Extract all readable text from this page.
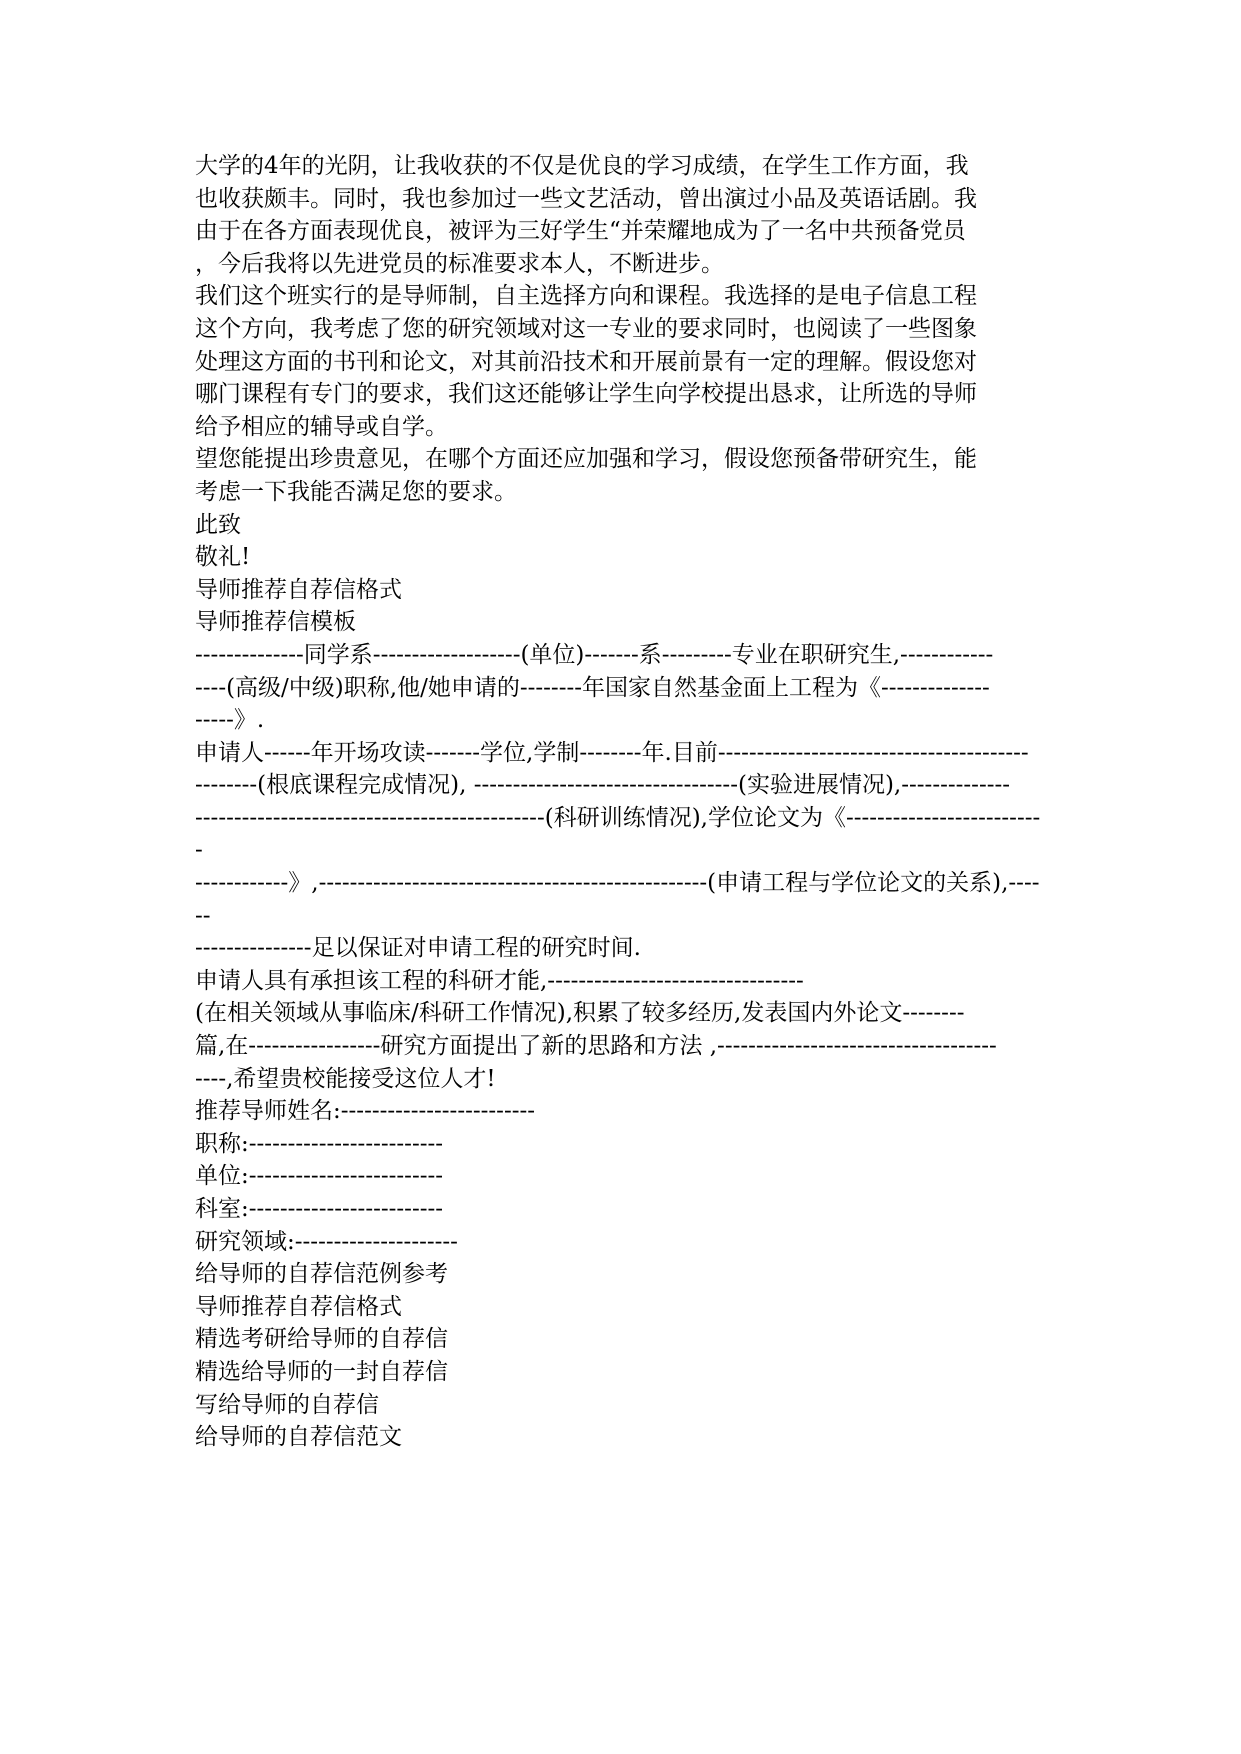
大学的4年的光阴，让我收获的不仅是优良的学习成绩，在学生工作方面，我
也收获颇丰。同时，我也参加过一些文艺活动，曾出演过小品及英语话剧。我
由于在各方面表现优良，被评为三好学生“并荣耀地成为了一名中共预备党员
，今后我将以先进党员的标准要求本人，不断进步。
我们这个班实行的是导师制，自主选择方向和课程。我选择的是电子信息工程
这个方向，我考虑了您的研究领域对这一专业的要求同时，也阅读了一些图象
处理这方面的书刊和论文，对其前沿技术和开展前景有一定的理解。假设您对
哪门课程有专门的要求，我们这还能够让学生向学校提出恳求，让所选的导师
给予相应的辅导或自学。
望您能提出珍贵意见，在哪个方面还应加强和学习，假设您预备带研究生，能
考虑一下我能否满足您的要求。
此致
敬礼!
导师推荐自荐信格式
导师推荐信模板
--------------同学系-------------------(单位)-------系---------专业在职研究生,------------
----(高级/中级)职称,他/她申请的--------年国家自然基金面上工程为《--------------
-----》.
申请人------年开场攻读-------学位,学制--------年.目前----------------------------------------
--------(根底课程完成情况), ----------------------------------(实验进展情况),--------------
---------------------------------------------(科研训练情况),学位论文为《--------------------------
------------》,--------------------------------------------------(申请工程与学位论文的关系),------
---------------足以保证对申请工程的研究时间.
申请人具有承担该工程的科研才能,---------------------------------
(在相关领域从事临床/科研工作情况),积累了较多经历,发表国内外论文--------
篇,在-----------------研究方面提出了新的思路和方法 ,------------------------------------
----,希望贵校能接受这位人才!
推荐导师姓名:-------------------------
职称:-------------------------
单位:-------------------------
科室:-------------------------
研究领域:---------------------
给导师的自荐信范例参考
导师推荐自荐信格式
精选考研给导师的自荐信
精选给导师的一封自荐信
写给导师的自荐信
给导师的自荐信范文
